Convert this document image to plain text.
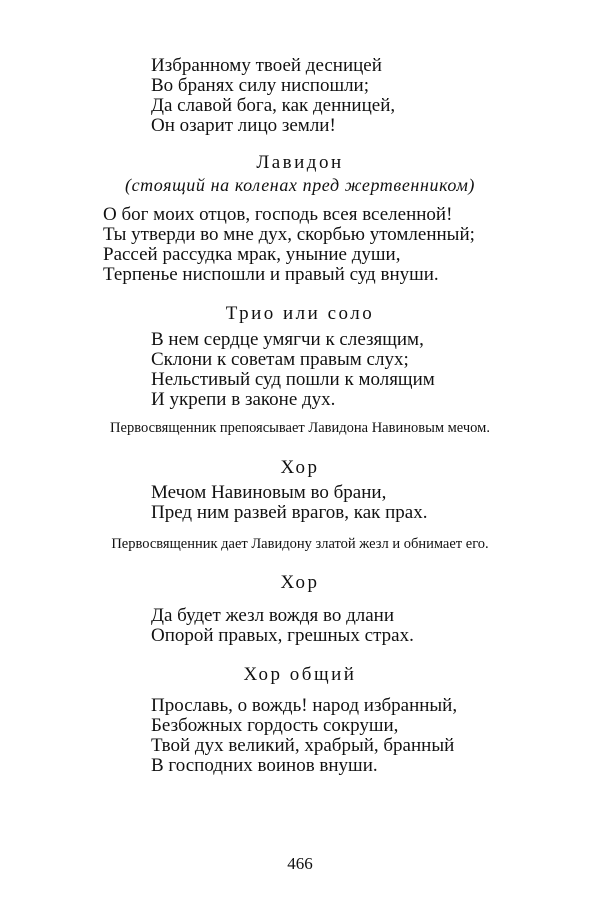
Избранному твоей десницей
Во бранях силу ниспошли;
Да славой бога, как денницей,
Он озарит лицо земли!
Лавидон
(стоящий на коленах пред жертвенником)
О бог моих отцов, господь всея вселенной!
Ты утверди во мне дух, скорбью утомленный;
Рассей рассудка мрак, уныние души,
Терпенье ниспошли и правый суд внуши.
Трио или соло
В нем сердце умягчи к слезящим,
Склони к советам правым слух;
Нельстивый суд пошли к молящим
И укрепи в законе дух.
Первосвященник препоясывает Лавидона Навиновым мечом.
Хор
Мечом Навиновым во брани,
Пред ним развей врагов, как прах.
Первосвященник дает Лавидону златой жезл и обнимает его.
Хор
Да будет жезл вождя во длани
Опорой правых, грешных страх.
Хор общий
Прославь, о вождь! народ избранный,
Безбожных гордость сокруши,
Твой дух великий, храбрый, бранный
В господних воинов внуши.
466
